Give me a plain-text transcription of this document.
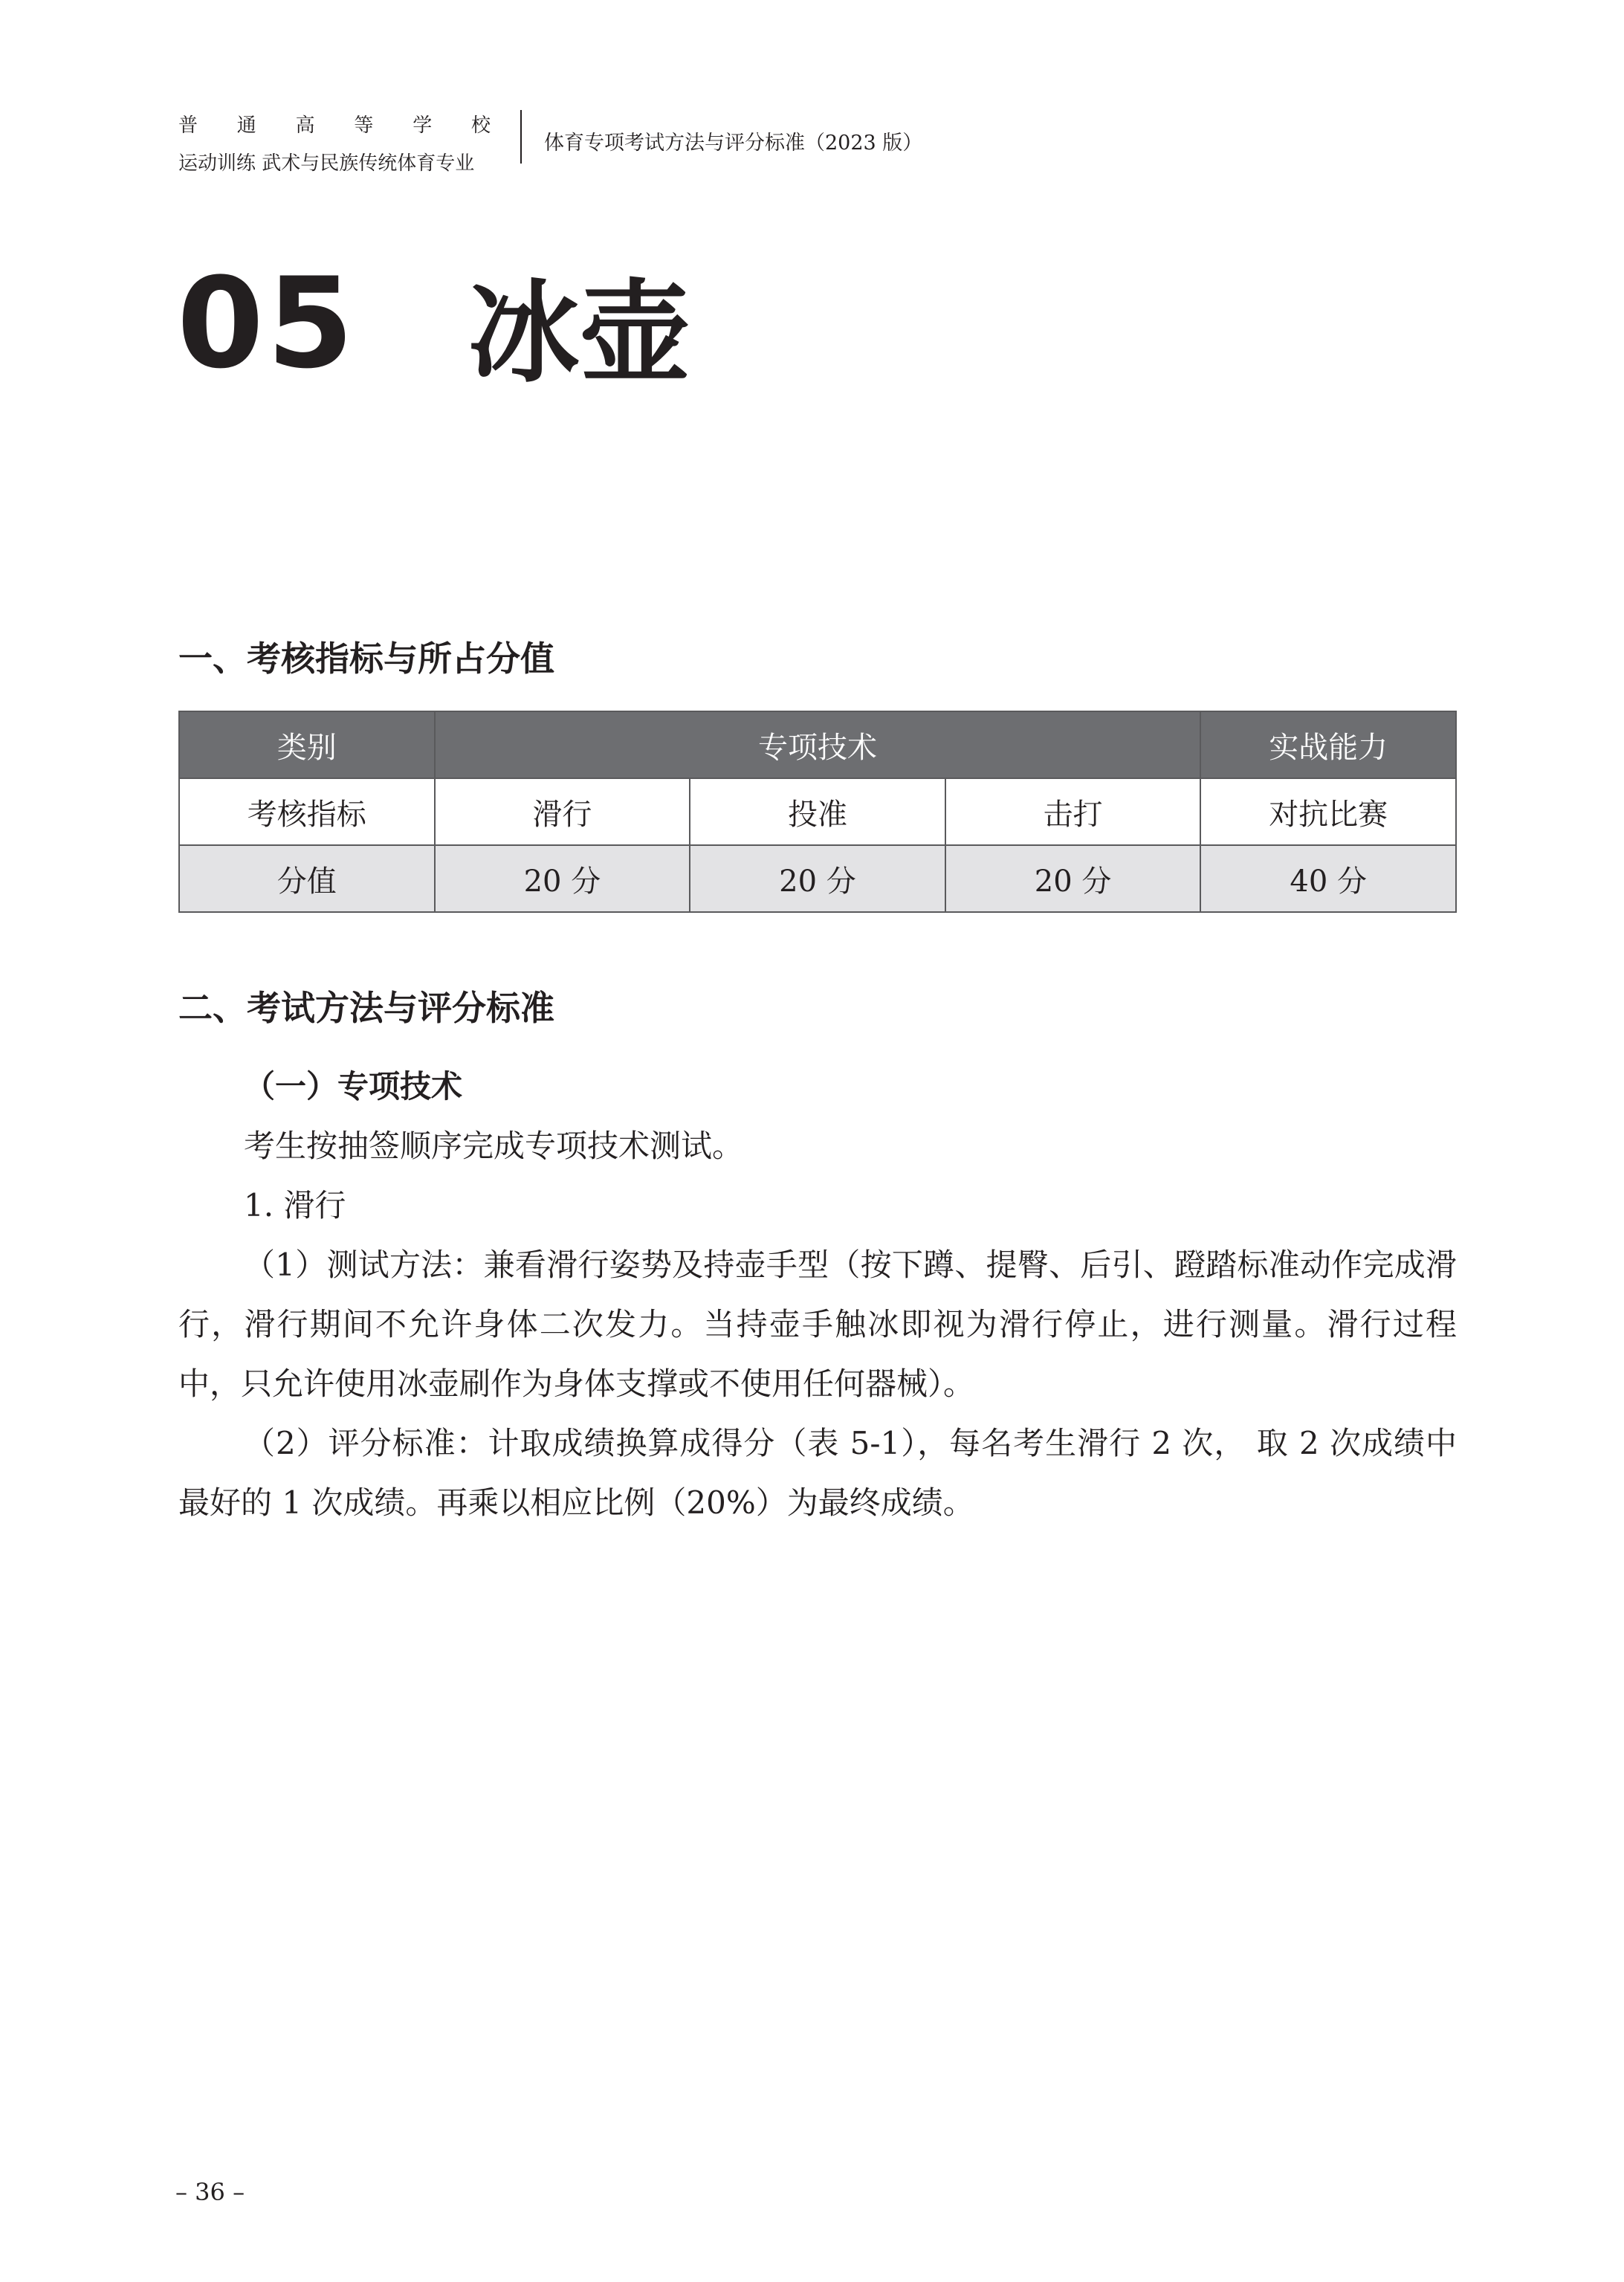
普 通 高 等 学 校
运动训练 武术与民族传统体育专业
体育专项考试方法与评分标准（2023 版）
05 冰壶
一、考核指标与所占分值
类别	专项技术			实战能力
考核指标	滑行	投准	击打	对抗比赛
分值	20 分	20 分	20 分	40 分
二、考试方法与评分标准
（一）专项技术
考生按抽签顺序完成专项技术测试。
1. 滑行
（1）测试方法：兼看滑行姿势及持壶手型（按下蹲、提臀、后引、蹬踏标准动作完成滑行，滑行期间不允许身体二次发力。当持壶手触冰即视为滑行停止，进行测量。滑行过程中，只允许使用冰壶刷作为身体支撑或不使用任何器械）。
（2）评分标准：计取成绩换算成得分（表 5-1），每名考生滑行 2 次， 取 2 次成绩中最好的 1 次成绩。再乘以相应比例（20%）为最终成绩。
– 36 –
